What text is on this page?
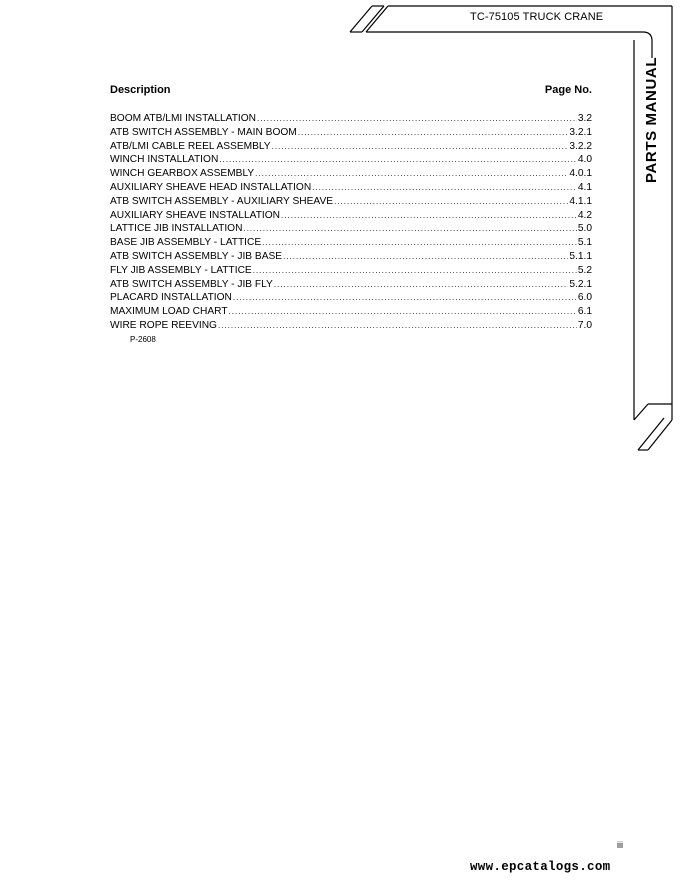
TC-75105 TRUCK CRANE
PARTS MANUAL
Description	Page No.
BOOM ATB/LMI INSTALLATION .....	3.2
ATB SWITCH ASSEMBLY - MAIN BOOM .....	3.2.1
ATB/LMI CABLE REEL ASSEMBLY .....	3.2.2
WINCH INSTALLATION .....	4.0
WINCH GEARBOX ASSEMBLY .....	4.0.1
AUXILIARY SHEAVE HEAD INSTALLATION .....	4.1
ATB SWITCH ASSEMBLY - AUXILIARY SHEAVE .....	4.1.1
AUXILIARY SHEAVE INSTALLATION .....	4.2
LATTICE JIB INSTALLATION .....	5.0
BASE JIB ASSEMBLY - LATTICE .....	5.1
ATB SWITCH ASSEMBLY - JIB BASE .....	5.1.1
FLY JIB ASSEMBLY - LATTICE .....	5.2
ATB SWITCH ASSEMBLY - JIB FLY .....	5.2.1
PLACARD INSTALLATION .....	6.0
MAXIMUM LOAD CHART .....	6.1
WIRE ROPE REEVING .....	7.0
P-2608
iii
www.epcatalogs.com
